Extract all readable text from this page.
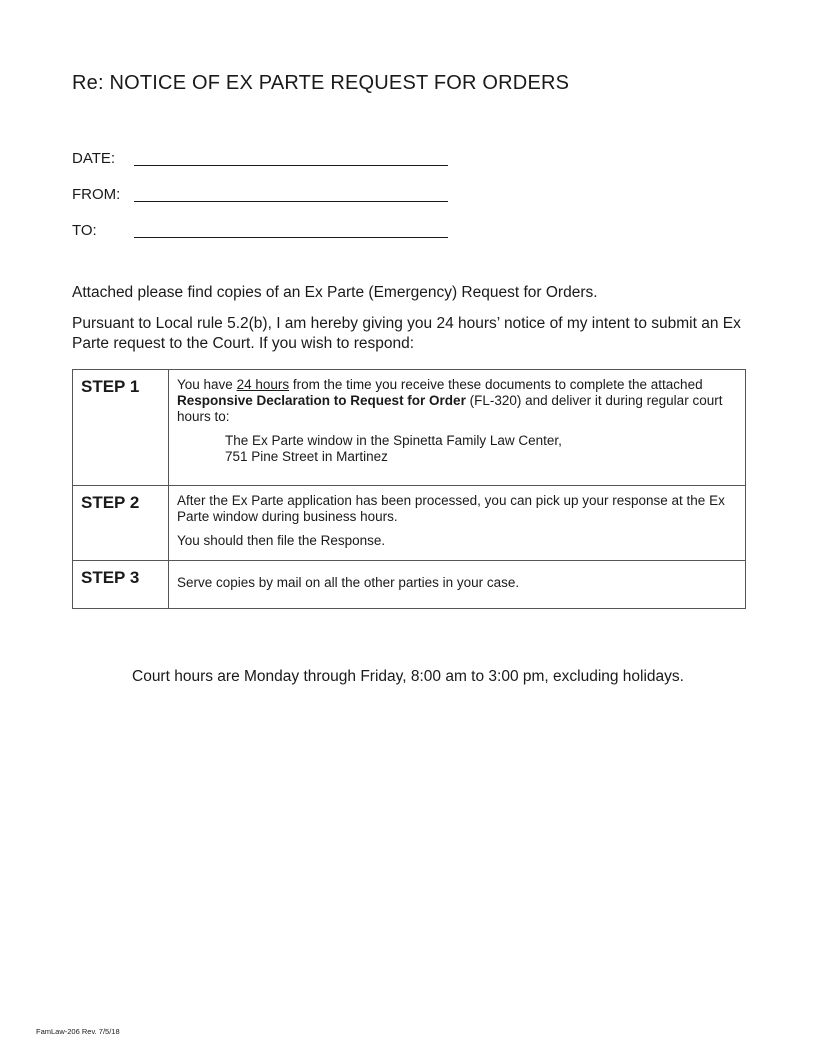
Re: NOTICE OF EX PARTE REQUEST FOR ORDERS
DATE:
FROM:
TO:
Attached please find copies of an Ex Parte (Emergency) Request for Orders.
Pursuant to Local rule 5.2(b), I am hereby giving you 24 hours’ notice of my intent to submit an Ex Parte request to the Court. If you wish to respond:
STEP 1	You have 24 hours from the time you receive these documents to complete the attached Responsive Declaration to Request for Order (FL-320) and deliver it during regular court hours to:

The Ex Parte window in the Spinetta Family Law Center,
751 Pine Street in Martinez

STEP 2	After the Ex Parte application has been processed, you can pick up your response at the Ex Parte window during business hours.

You should then file the Response.

STEP 3	Serve copies by mail on all the other parties in your case.
Court hours are Monday through Friday, 8:00 am to 3:00 pm, excluding holidays.
FamLaw-206 Rev. 7/5/18
